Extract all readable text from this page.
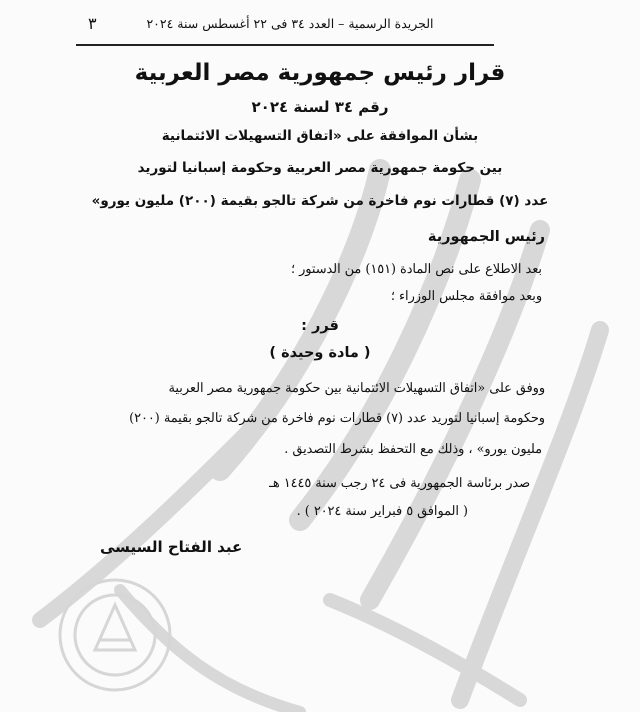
الجريدة الرسمية – العدد ٣٤ فى ٢٢ أغسطس سنة ٢٠٢٤
٣
قرار رئيس جمهورية مصر العربية
رقم ٣٤ لسنة ٢٠٢٤
بشأن الموافقة على «اتفاق التسهيلات الائتمانية
بين حكومة جمهورية مصر العربية وحكومة إسبانيا لتوريد
عدد (٧) قطارات نوم فاخرة من شركة تالجو بقيمة (٢٠٠) مليون يورو»
رئيس الجمهورية
بعد الاطلاع على نص المادة (١٥١) من الدستور ؛
وبعد موافقة مجلس الوزراء ؛
قرر :
( مادة وحيدة )
ووفق على «اتفاق التسهيلات الائتمانية بين حكومة جمهورية مصر العربية
وحكومة إسبانيا لتوريد عدد (٧) قطارات نوم فاخرة من شركة تالجو بقيمة (٢٠٠)
مليون يورو» ، وذلك مع التحفظ بشرط التصديق .
صدر برئاسة الجمهورية فى ٢٤ رجب سنة ١٤٤٥ هـ
( الموافق ٥ فبراير سنة ٢٠٢٤ ) .
عبد الفتاح السيسى
